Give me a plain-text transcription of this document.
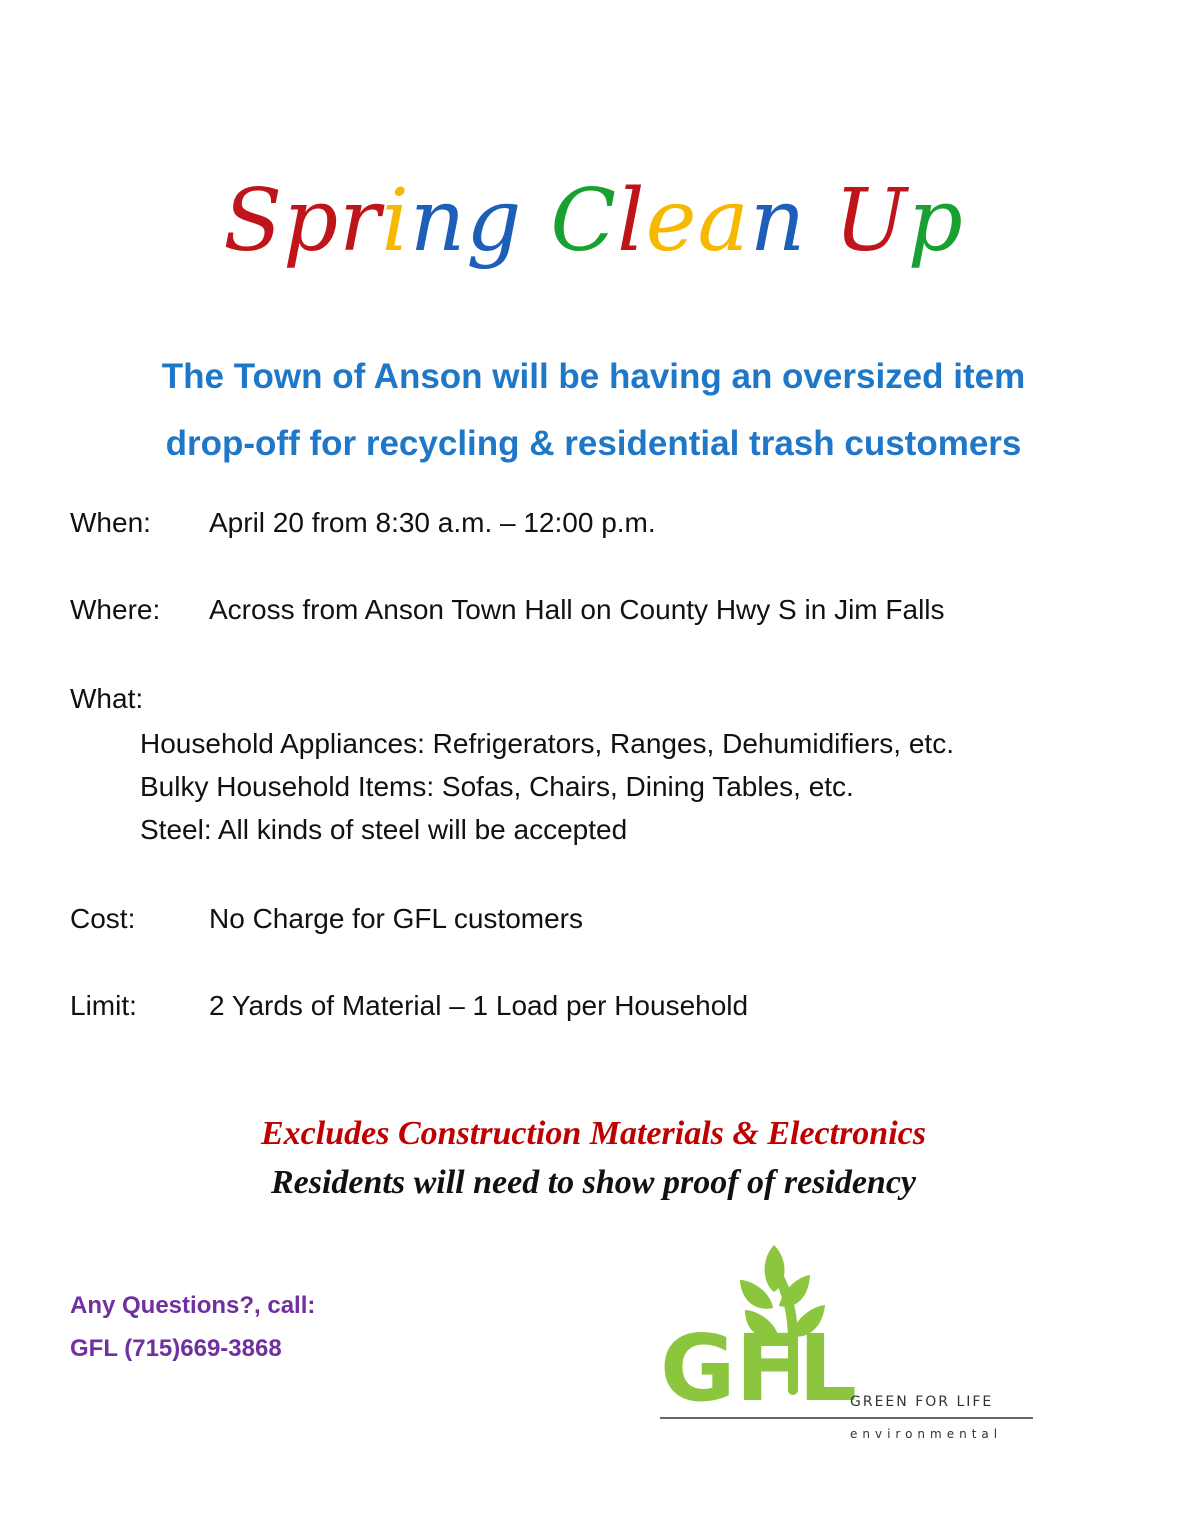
Spring Clean Up
The Town of Anson will be having an oversized item
drop-off for recycling & residential trash customers
When: April 20 from 8:30 a.m. – 12:00 p.m.
Where: Across from Anson Town Hall on County Hwy S in Jim Falls
What:
Household Appliances: Refrigerators, Ranges, Dehumidifiers, etc.
Bulky Household Items: Sofas, Chairs, Dining Tables, etc.
Steel: All kinds of steel will be accepted
Cost:	No Charge for GFL customers
Limit:	2 Yards of Material – 1 Load per Household
Excludes Construction Materials & Electronics
Residents will need to show proof of residency
Any Questions?, call:
GFL (715)669-3868	GFL
GREEN FOR LIFE
environmental
